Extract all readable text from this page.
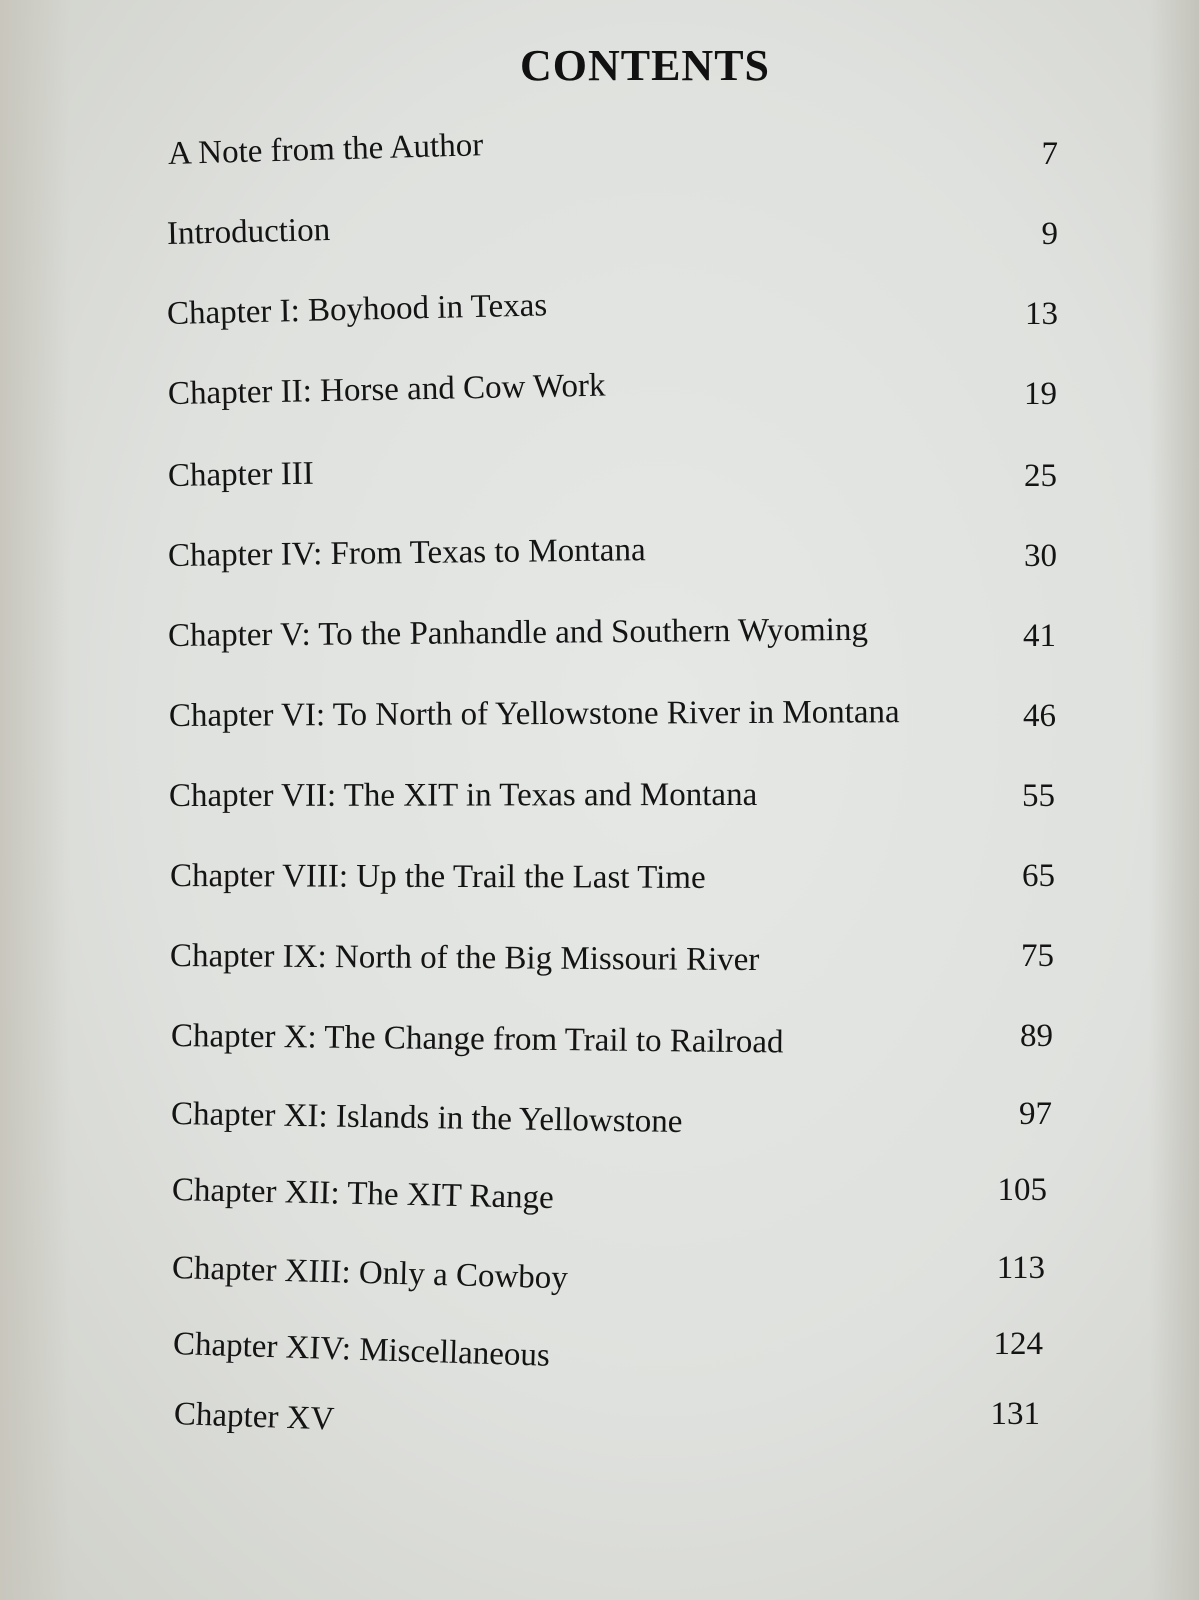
CONTENTS
A Note from the Author	7
Introduction	9
Chapter I: Boyhood in Texas	13
Chapter II: Horse and Cow Work	19
Chapter III	25
Chapter IV: From Texas to Montana	30
Chapter V: To the Panhandle and Southern Wyoming	41
Chapter VI: To North of Yellowstone River in Montana	46
Chapter VII: The XIT in Texas and Montana	55
Chapter VIII: Up the Trail the Last Time	65
Chapter IX: North of the Big Missouri River	75
Chapter X: The Change from Trail to Railroad	89
Chapter XI: Islands in the Yellowstone	97
Chapter XII: The XIT Range	105
Chapter XIII: Only a Cowboy	113
Chapter XIV: Miscellaneous	124
Chapter XV	131
